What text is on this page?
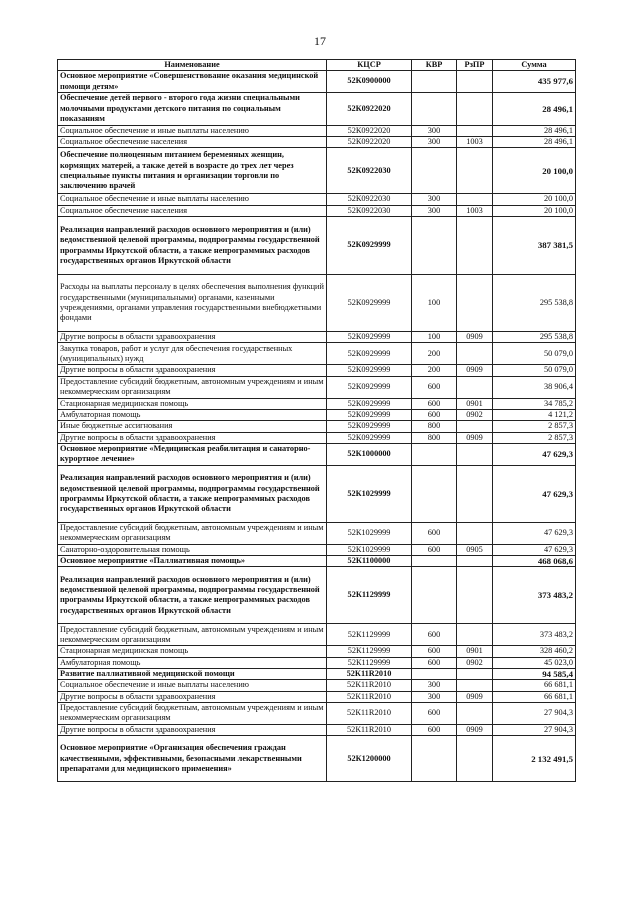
17
Наименование	КЦСР	КВР	РзПР	Сумма
Основное мероприятие «Совершенствование оказания медицинской помощи детям»	52К0900000			435 977,6
Обеспечение детей первого - второго года жизни специальными молочными продуктами детского питания по социальным показаниям	52К0922020			28 496,1
Социальное обеспечение и иные выплаты населению	52К0922020	300		28 496,1
Социальное обеспечение населения	52К0922020	300	1003	28 496,1
Обеспечение полноценным питанием беременных женщин, кормящих матерей, а также детей в возрасте до трех лет через специальные пункты питания и организации торговли по заключению врачей	52К0922030			20 100,0
Социальное обеспечение и иные выплаты населению	52К0922030	300		20 100,0
Социальное обеспечение населения	52К0922030	300	1003	20 100,0
Реализация направлений расходов основного мероприятия и (или) ведомственной целевой программы, подпрограммы государственной программы Иркутской области, а также непрограммных расходов государственных органов Иркутской области	52К0929999			387 381,5
Расходы на выплаты персоналу в целях обеспечения выполнения функций государственными (муниципальными) органами, казенными учреждениями, органами управления государственными внебюджетными фондами	52К0929999	100		295 538,8
Другие вопросы в области здравоохранения	52К0929999	100	0909	295 538,8
Закупка товаров, работ и услуг для обеспечения государственных (муниципальных) нужд	52К0929999	200		50 079,0
Другие вопросы в области здравоохранения	52К0929999	200	0909	50 079,0
Предоставление субсидий бюджетным, автономным учреждениям и иным некоммерческим организациям	52К0929999	600		38 906,4
Стационарная медицинская помощь	52К0929999	600	0901	34 785,2
Амбулаторная помощь	52К0929999	600	0902	4 121,2
Иные бюджетные ассигнования	52К0929999	800		2 857,3
Другие вопросы в области здравоохранения	52К0929999	800	0909	2 857,3
Основное мероприятие «Медицинская реабилитация и санаторно-курортное лечение»	52К1000000			47 629,3
Реализация направлений расходов основного мероприятия и (или) ведомственной целевой программы, подпрограммы государственной программы Иркутской области, а также непрограммных расходов государственных органов Иркутской области	52К1029999			47 629,3
Предоставление субсидий бюджетным, автономным учреждениям и иным некоммерческим организациям	52К1029999	600		47 629,3
Санаторно-оздоровительная помощь	52К1029999	600	0905	47 629,3
Основное мероприятие «Паллиативная помощь»	52К1100000			468 068,6
Реализация направлений расходов основного мероприятия и (или) ведомственной целевой программы, подпрограммы государственной программы Иркутской области, а также непрограммных расходов государственных органов Иркутской области	52К1129999			373 483,2
Предоставление субсидий бюджетным, автономным учреждениям и иным некоммерческим организациям	52К1129999	600		373 483,2
Стационарная медицинская помощь	52К1129999	600	0901	328 460,2
Амбулаторная помощь	52К1129999	600	0902	45 023,0
Развитие паллиативной медицинской помощи	52К11R2010			94 585,4
Социальное обеспечение и иные выплаты населению	52К11R2010	300		66 681,1
Другие вопросы в области здравоохранения	52К11R2010	300	0909	66 681,1
Предоставление субсидий бюджетным, автономным учреждениям и иным некоммерческим организациям	52К11R2010	600		27 904,3
Другие вопросы в области здравоохранения	52К11R2010	600	0909	27 904,3
Основное мероприятие «Организация обеспечения граждан качественными, эффективными, безопасными лекарственными препаратами для медицинского применения»	52К1200000			2 132 491,5
